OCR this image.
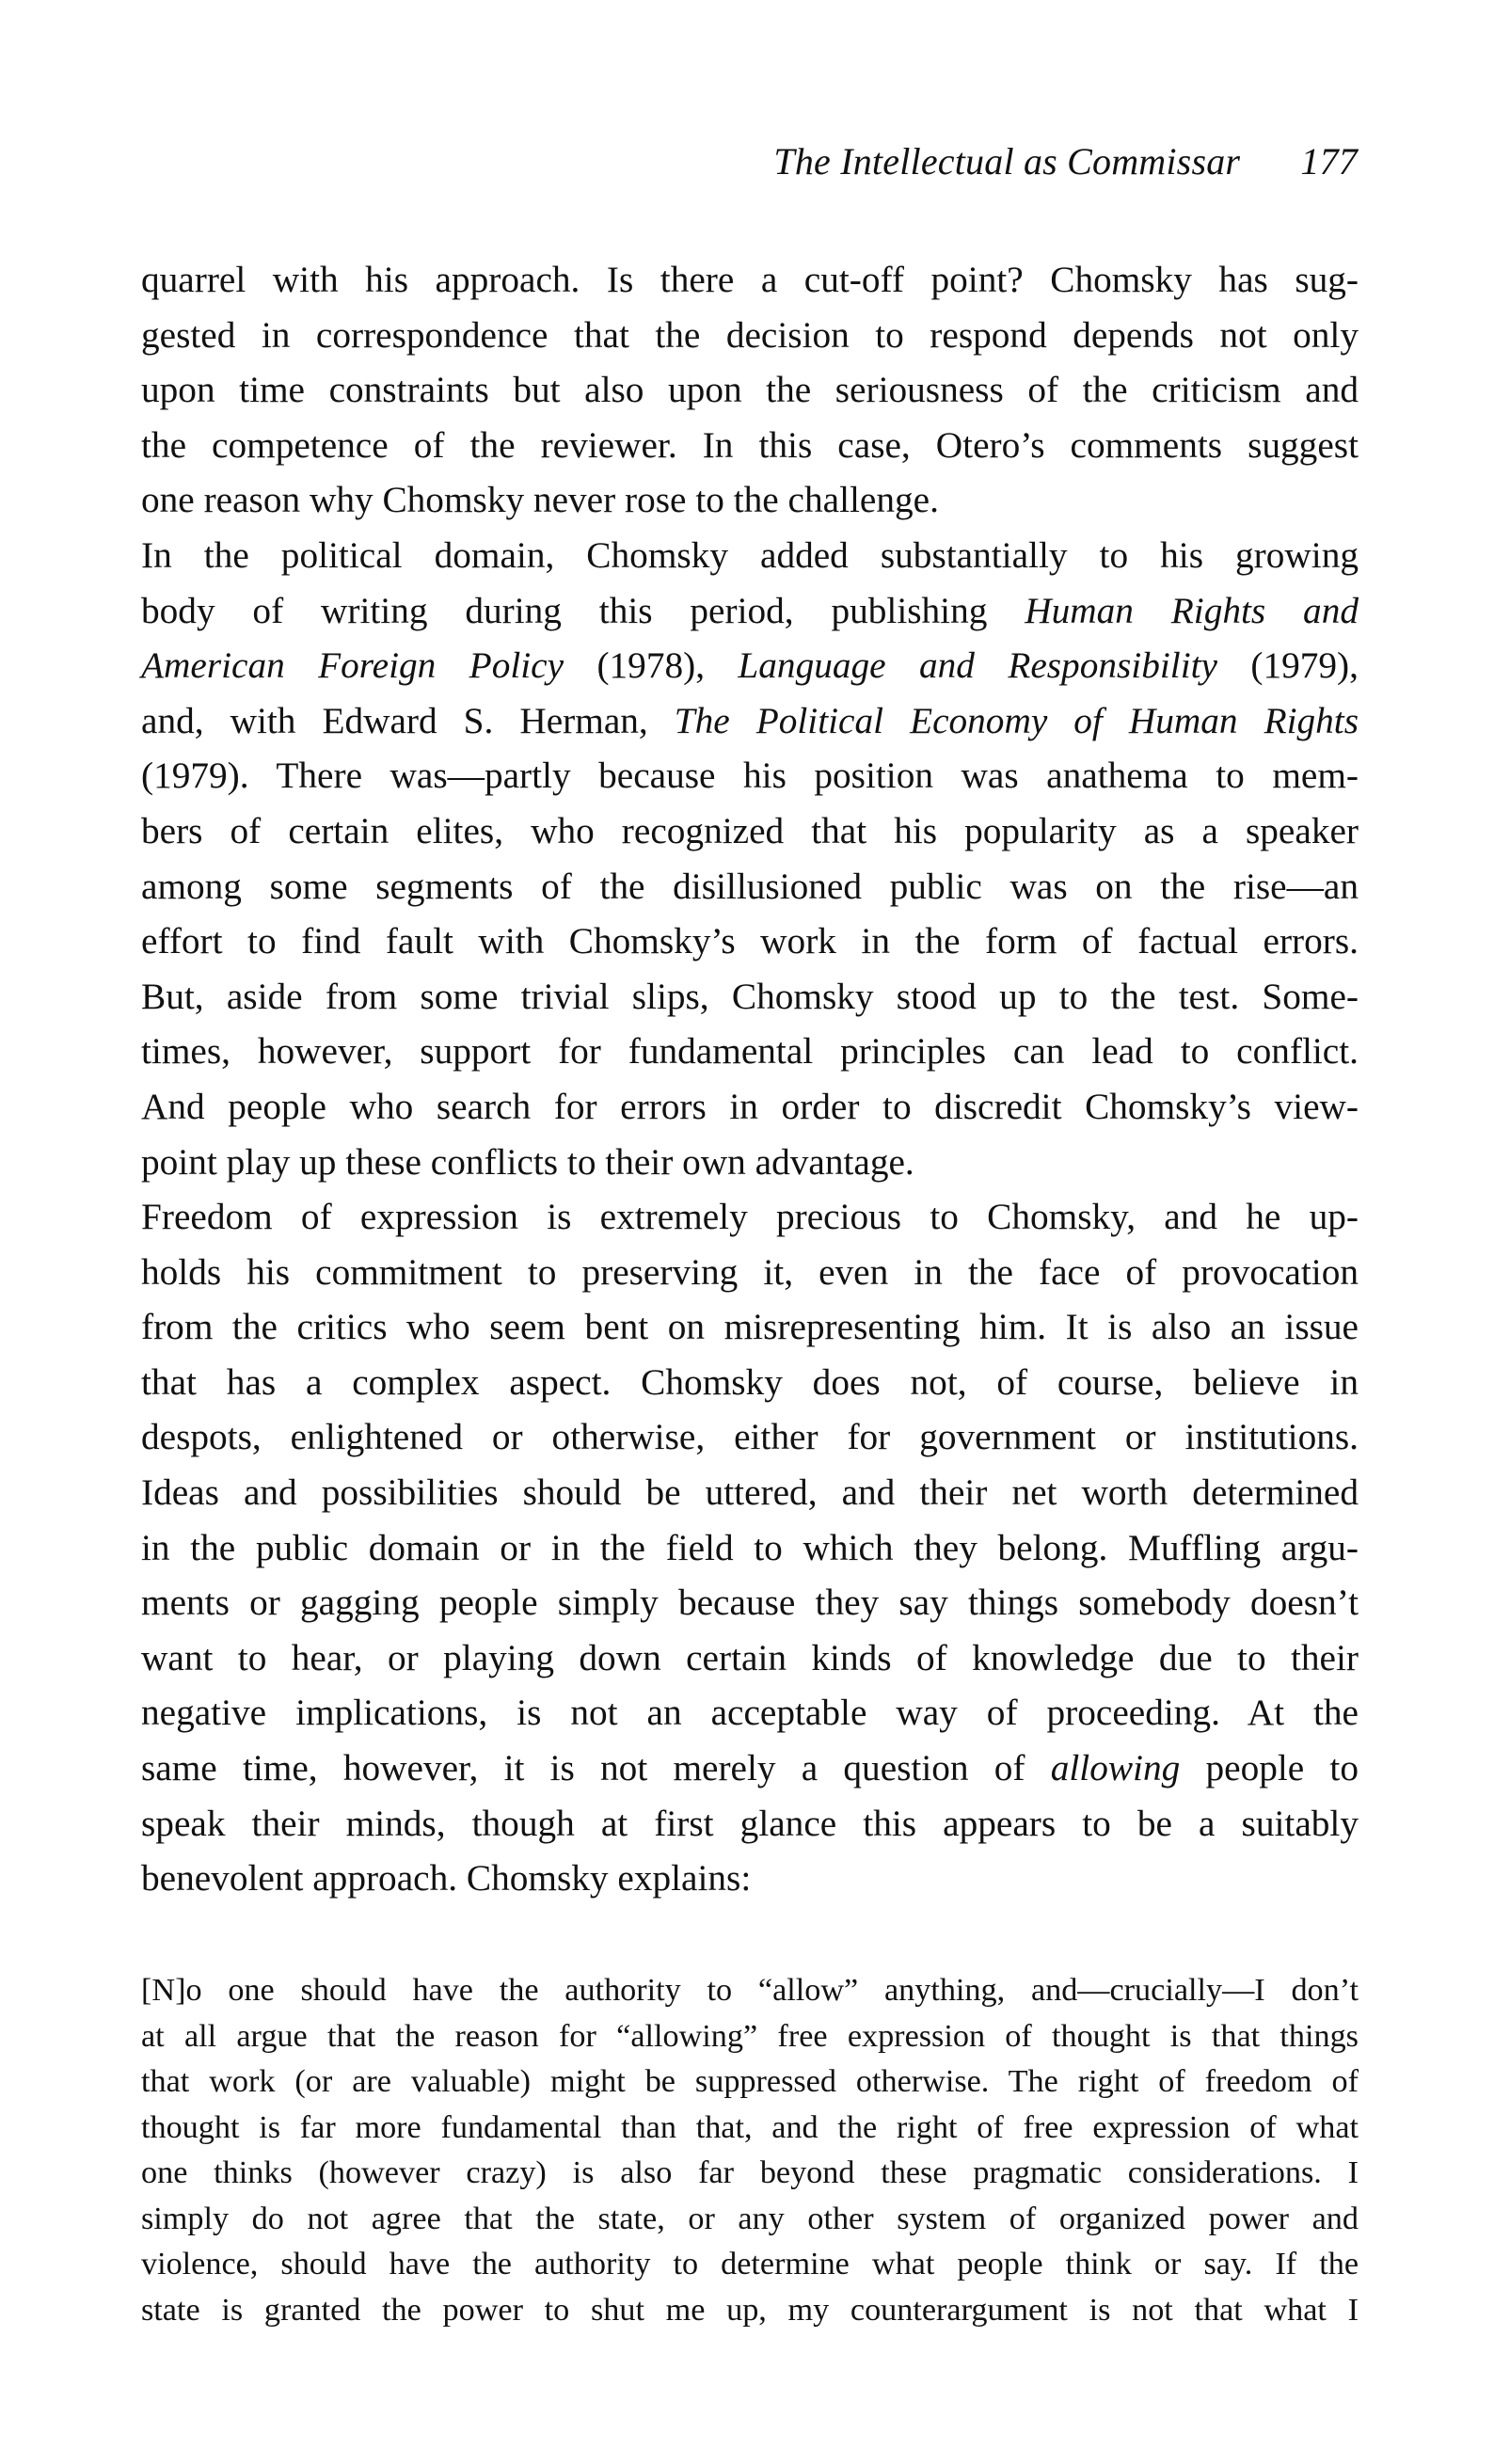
The Intellectual as Commissar 177
quarrel with his approach. Is there a cut-off point? Chomsky has sug-
gested in correspondence that the decision to respond depends not only
upon time constraints but also upon the seriousness of the criticism and
the competence of the reviewer. In this case, Otero’s comments suggest
one reason why Chomsky never rose to the challenge.
In the political domain, Chomsky added substantially to his growing
body of writing during this period, publishing Human Rights and
American Foreign Policy (1978), Language and Responsibility (1979),
and, with Edward S. Herman, The Political Economy of Human Rights
(1979). There was—partly because his position was anathema to mem-
bers of certain elites, who recognized that his popularity as a speaker
among some segments of the disillusioned public was on the rise—an
effort to find fault with Chomsky’s work in the form of factual errors.
But, aside from some trivial slips, Chomsky stood up to the test. Some-
times, however, support for fundamental principles can lead to conflict.
And people who search for errors in order to discredit Chomsky’s view-
point play up these conflicts to their own advantage.
Freedom of expression is extremely precious to Chomsky, and he up-
holds his commitment to preserving it, even in the face of provocation
from the critics who seem bent on misrepresenting him. It is also an issue
that has a complex aspect. Chomsky does not, of course, believe in
despots, enlightened or otherwise, either for government or institutions.
Ideas and possibilities should be uttered, and their net worth determined
in the public domain or in the field to which they belong. Muffling argu-
ments or gagging people simply because they say things somebody doesn’t
want to hear, or playing down certain kinds of knowledge due to their
negative implications, is not an acceptable way of proceeding. At the
same time, however, it is not merely a question of allowing people to
speak their minds, though at first glance this appears to be a suitably
benevolent approach. Chomsky explains:
[N]o one should have the authority to “allow” anything, and—crucially—I don’t
at all argue that the reason for “allowing” free expression of thought is that things
that work (or are valuable) might be suppressed otherwise. The right of freedom of
thought is far more fundamental than that, and the right of free expression of what
one thinks (however crazy) is also far beyond these pragmatic considerations. I
simply do not agree that the state, or any other system of organized power and
violence, should have the authority to determine what people think or say. If the
state is granted the power to shut me up, my counterargument is not that what I
